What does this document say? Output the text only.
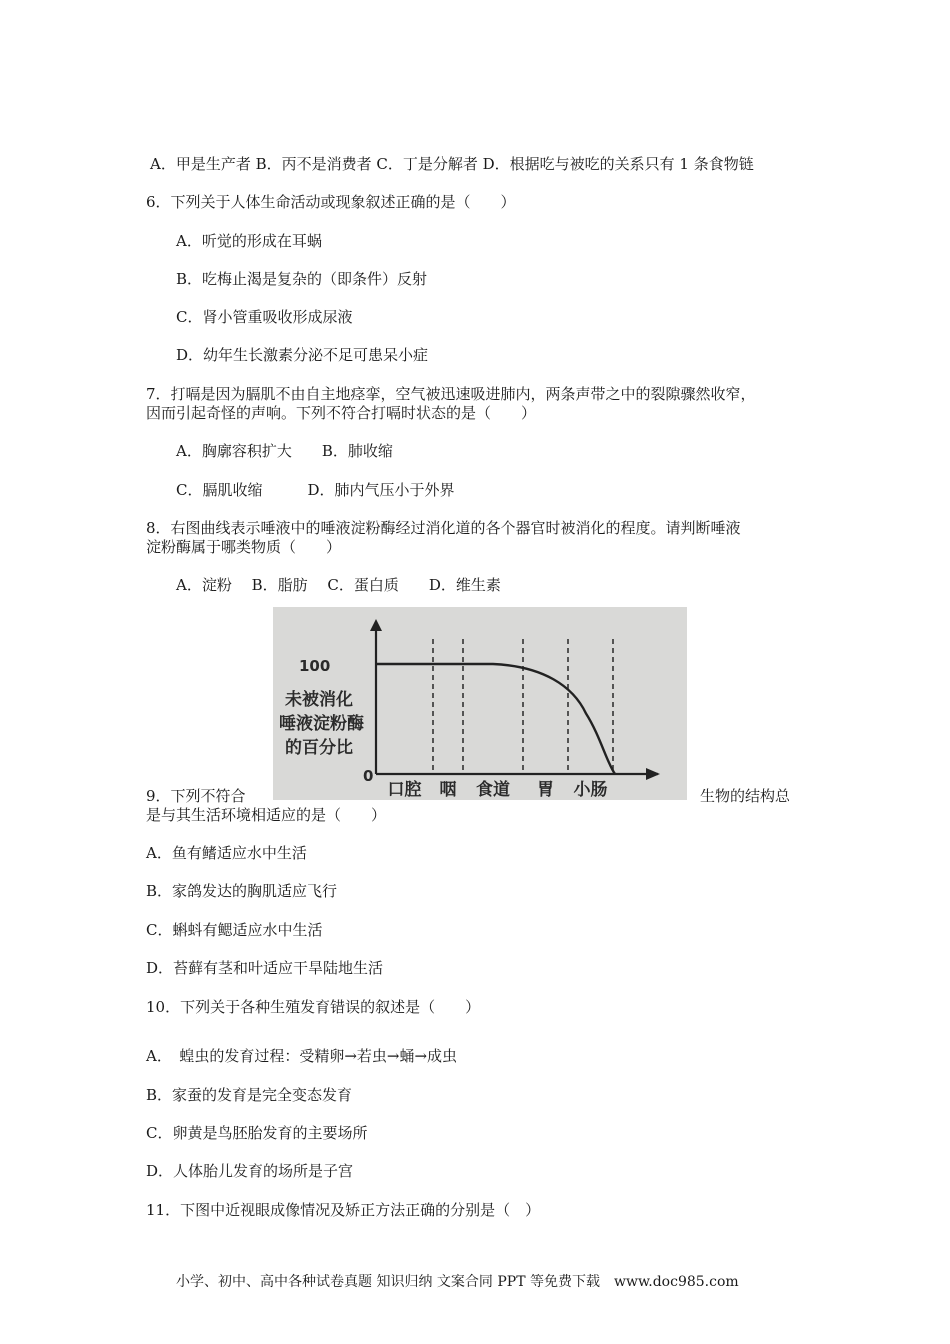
A．甲是生产者 B．丙不是消费者 C．丁是分解者 D．根据吃与被吃的关系只有 1 条食物链
6．下列关于人体生命活动或现象叙述正确的是（　　）
A．听觉的形成在耳蜗
B．吃梅止渴是复杂的（即条件）反射
C．肾小管重吸收形成尿液
D．幼年生长激素分泌不足可患呆小症
7．打嗝是因为膈肌不由自主地痉挛，空气被迅速吸进肺内，两条声带之中的裂隙骤然收窄，
因而引起奇怪的声响。下列不符合打嗝时状态的是（　　）
A．胸廓容积扩大　　B．肺收缩
C．膈肌收缩　　　D．肺内气压小于外界
8．右图曲线表示唾液中的唾液淀粉酶经过消化道的各个器官时被消化的程度。请判断唾液
淀粉酶属于哪类物质（　　）
A．淀粉　 B．脂肪　 C．蛋白质　　D．维生素
100
0
未被消化
唾液淀粉酶
的百分比
口腔 咽 食道 胃 小肠
9．下列不符合	生物的结构总
是与其生活环境相适应的是（　　）
A．鱼有鳍适应水中生活
B．家鸽发达的胸肌适应飞行
C．蝌蚪有鳃适应水中生活
D．苔藓有茎和叶适应干旱陆地生活
10．下列关于各种生殖发育错误的叙述是（　　）
A．　蝗虫的发育过程：受精卵→若虫→蛹→成虫
B．家蚕的发育是完全变态发育
C．卵黄是鸟胚胎发育的主要场所
D．人体胎儿发育的场所是子宫
11．下图中近视眼成像情况及矫正方法正确的分别是（　）
小学、初中、高中各种试卷真题 知识归纳 文案合同 PPT 等免费下载　www.doc985.com
